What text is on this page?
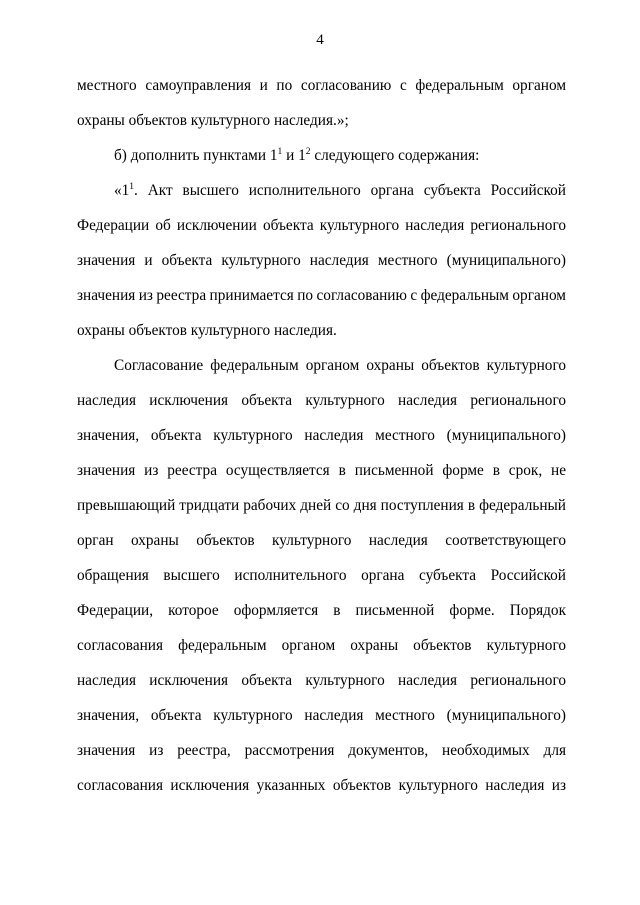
4
местного самоуправления и по согласованию с федеральным органом
охраны объектов культурного наследия.»;
б) дополнить пунктами $1^1$ и $1^2$ следующего содержания:
«$1^1$. Акт высшего исполнительного органа субъекта Российской
Федерации об исключении объекта культурного наследия регионального
значения и объекта культурного наследия местного (муниципального)
значения из реестра принимается по согласованию с федеральным органом
охраны объектов культурного наследия.
Согласование федеральным органом охраны объектов культурного
наследия исключения объекта культурного наследия регионального
значения, объекта культурного наследия местного (муниципального)
значения из реестра осуществляется в письменной форме в срок, не
превышающий тридцати рабочих дней со дня поступления в федеральный
орган охраны объектов культурного наследия соответствующего
обращения высшего исполнительного органа субъекта Российской
Федерации, которое оформляется в письменной форме. Порядок
согласования федеральным органом охраны объектов культурного
наследия исключения объекта культурного наследия регионального
значения, объекта культурного наследия местного (муниципального)
значения из реестра, рассмотрения документов, необходимых для
согласования исключения указанных объектов культурного наследия из
